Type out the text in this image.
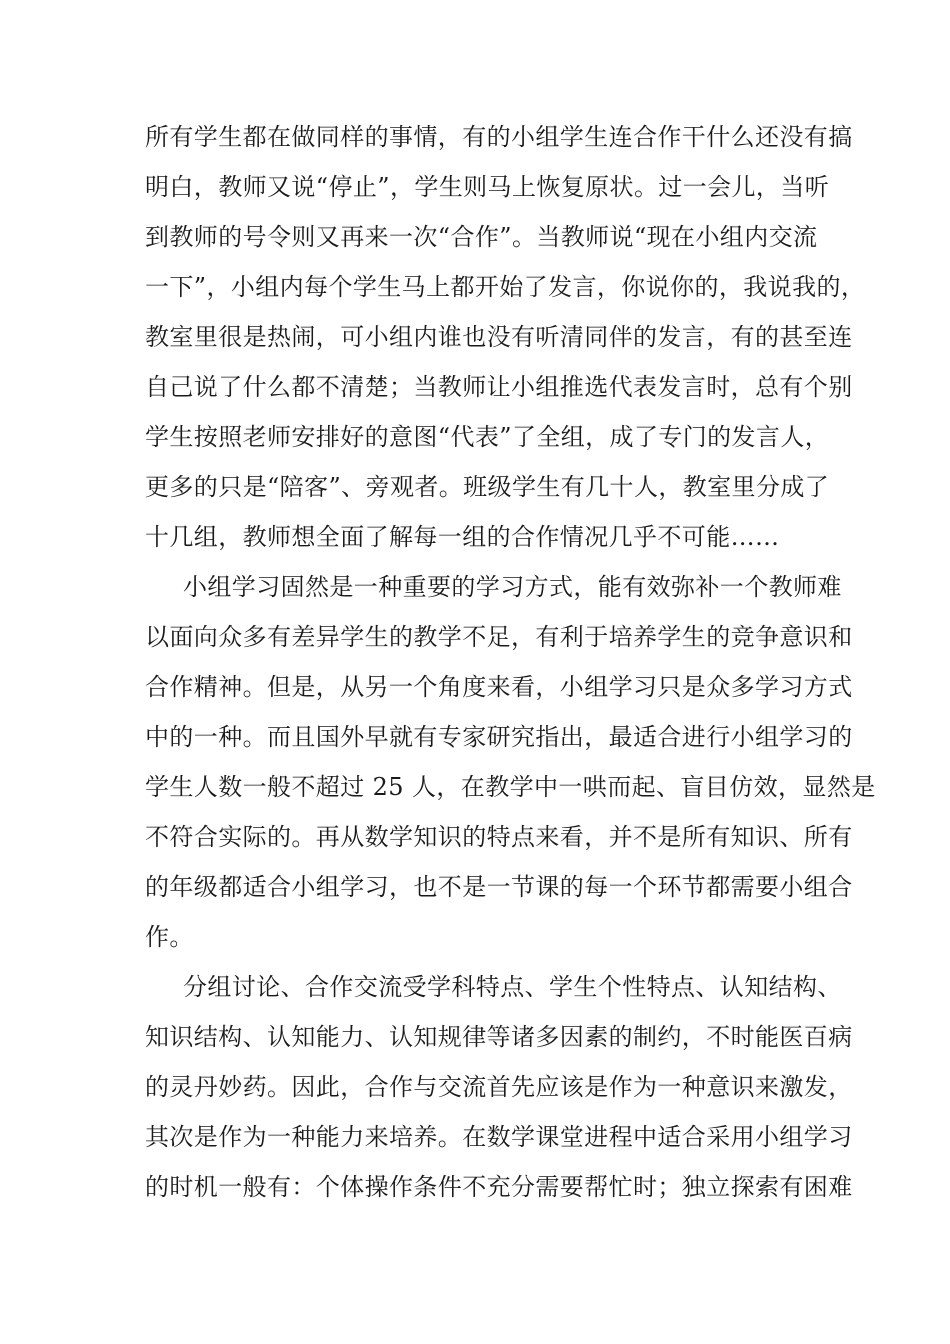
所有学生都在做同样的事情，有的小组学生连合作干什么还没有搞
明白，教师又说“停止”，学生则马上恢复原状。过一会儿，当听
到教师的号令则又再来一次“合作”。当教师说“现在小组内交流
一下”，小组内每个学生马上都开始了发言，你说你的，我说我的，
教室里很是热闹，可小组内谁也没有听清同伴的发言，有的甚至连
自己说了什么都不清楚；当教师让小组推选代表发言时，总有个别
学生按照老师安排好的意图“代表”了全组，成了专门的发言人，
更多的只是“陪客”、旁观者。班级学生有几十人，教室里分成了
十几组，教师想全面了解每一组的合作情况几乎不可能……
小组学习固然是一种重要的学习方式，能有效弥补一个教师难
以面向众多有差异学生的教学不足，有利于培养学生的竞争意识和
合作精神。但是，从另一个角度来看，小组学习只是众多学习方式
中的一种。而且国外早就有专家研究指出，最适合进行小组学习的
学生人数一般不超过 25 人，在教学中一哄而起、盲目仿效，显然是
不符合实际的。再从数学知识的特点来看，并不是所有知识、所有
的年级都适合小组学习，也不是一节课的每一个环节都需要小组合
作。
分组讨论、合作交流受学科特点、学生个性特点、认知结构、
知识结构、认知能力、认知规律等诸多因素的制约，不时能医百病
的灵丹妙药。因此，合作与交流首先应该是作为一种意识来激发，
其次是作为一种能力来培养。在数学课堂进程中适合采用小组学习
的时机一般有：个体操作条件不充分需要帮忙时；独立探索有困难
